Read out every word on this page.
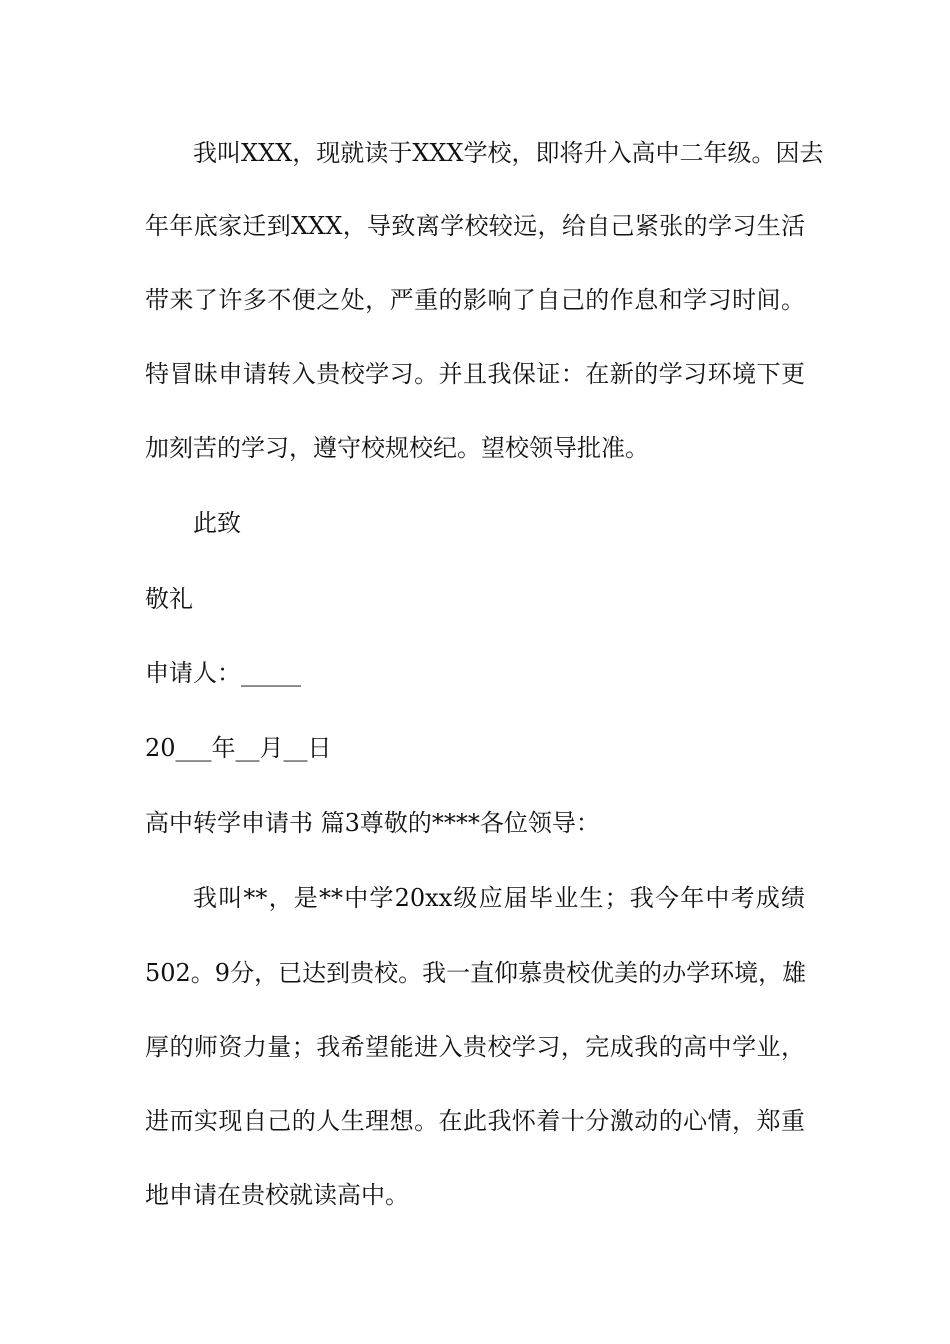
我叫XXX，现就读于XXX学校，即将升入高中二年级。因去
年年底家迁到XXX，导致离学校较远，给自己紧张的学习生活
带来了许多不便之处，严重的影响了自己的作息和学习时间。
特冒昧申请转入贵校学习。并且我保证：在新的学习环境下更
加刻苦的学习，遵守校规校纪。望校领导批准。
此致
敬礼
申请人：_____
20___年__月__日
高中转学申请书 篇3尊敬的****各位领导：
我叫**，是**中学20xx级应届毕业生；我今年中考成绩
502。9分，已达到贵校。我一直仰慕贵校优美的办学环境，雄
厚的师资力量；我希望能进入贵校学习，完成我的高中学业，
进而实现自己的人生理想。在此我怀着十分激动的心情，郑重
地申请在贵校就读高中。
